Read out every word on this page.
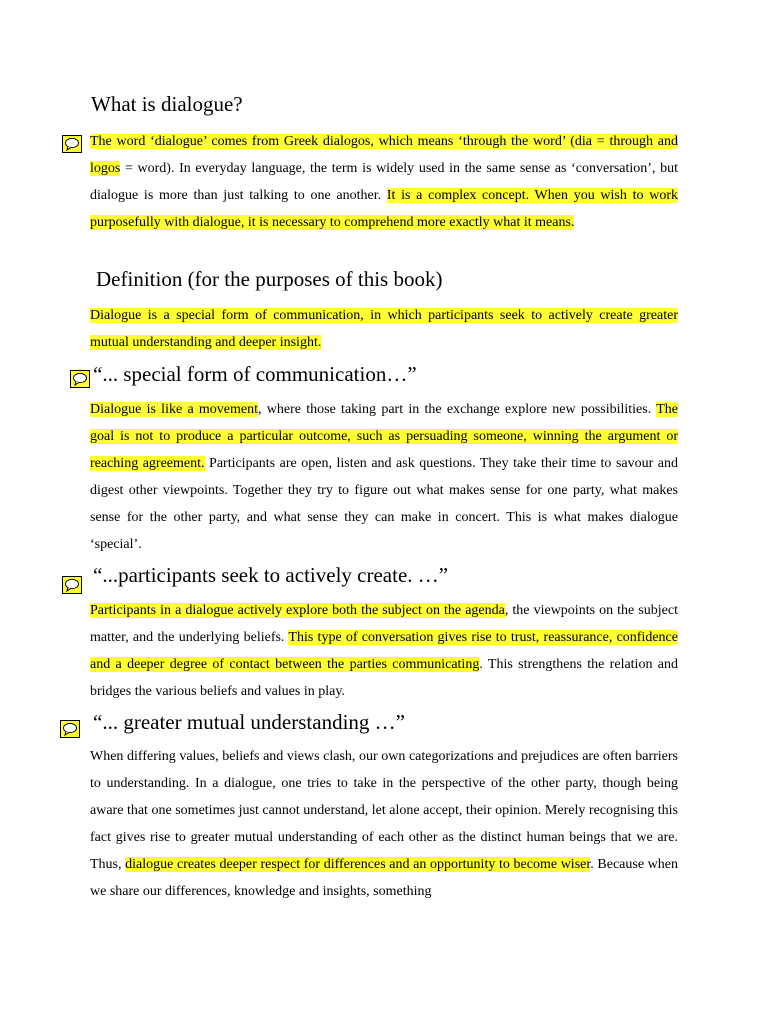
What is dialogue?
The word ‘dialogue’ comes from Greek dialogos, which means ‘through the word’ (dia = through and logos = word). In everyday language, the term is widely used in the same sense as ‘conversation’, but dialogue is more than just talking to one another. It is a complex concept. When you wish to work purposefully with dialogue, it is necessary to comprehend more exactly what it means.
Definition (for the purposes of this book)
Dialogue is a special form of communication, in which participants seek to actively create greater mutual understanding and deeper insight.
“... special form of communication…”
Dialogue is like a movement, where those taking part in the exchange explore new possibilities. The goal is not to produce a particular outcome, such as persuading someone, winning the argument or reaching agreement. Participants are open, listen and ask questions. They take their time to savour and digest other viewpoints. Together they try to figure out what makes sense for one party, what makes sense for the other party, and what sense they can make in concert. This is what makes dialogue ‘special’.
“...participants seek to actively create. …”
Participants in a dialogue actively explore both the subject on the agenda, the viewpoints on the subject matter, and the underlying beliefs. This type of conversation gives rise to trust, reassurance, confidence and a deeper degree of contact between the parties communicating. This strengthens the relation and bridges the various beliefs and values in play.
“... greater mutual understanding …”
When differing values, beliefs and views clash, our own categorizations and prejudices are often barriers to understanding. In a dialogue, one tries to take in the perspective of the other party, though being aware that one sometimes just cannot understand, let alone accept, their opinion. Merely recognising this fact gives rise to greater mutual understanding of each other as the distinct human beings that we are. Thus, dialogue creates deeper respect for differences and an opportunity to become wiser. Because when we share our differences, knowledge and insights, something
